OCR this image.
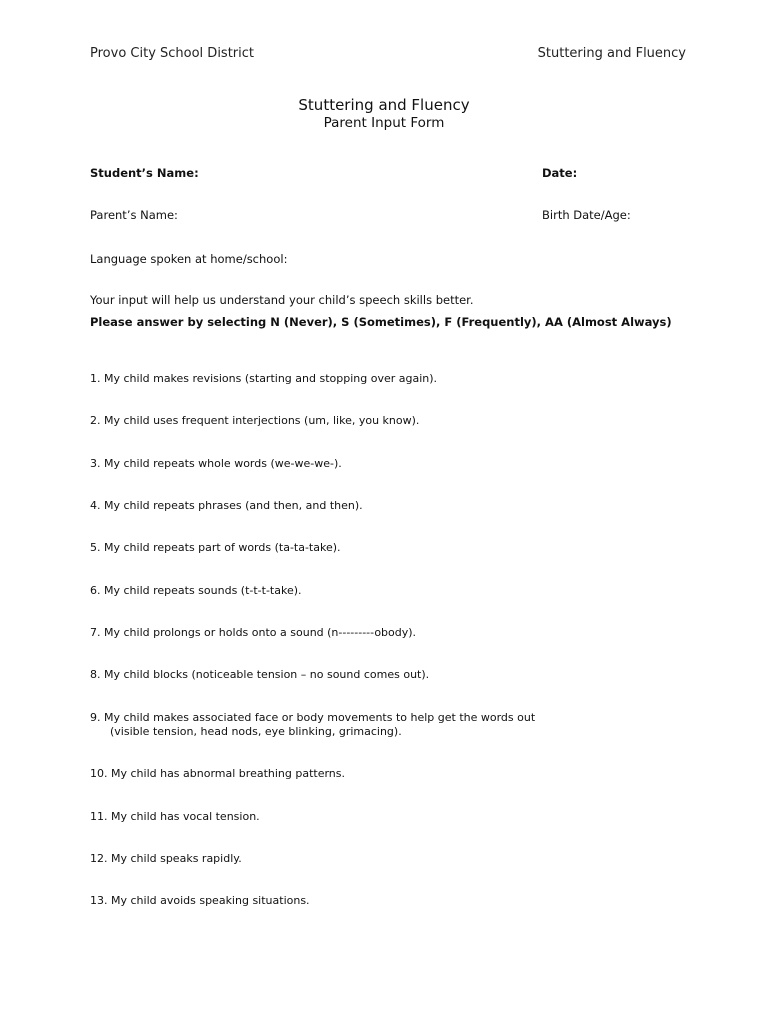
Provo City School District	Stuttering and Fluency
Stuttering and Fluency
Parent Input Form
Student’s Name:	Date:
Parent’s Name:	Birth Date/Age:
Language spoken at home/school:
Your input will help us understand your child’s speech skills better.
Please answer by selecting N (Never), S (Sometimes), F (Frequently), AA (Almost Always)
1. My child makes revisions (starting and stopping over again).
2. My child uses frequent interjections (um, like, you know).
3. My child repeats whole words (we-we-we-).
4. My child repeats phrases (and then, and then).
5. My child repeats part of words (ta-ta-take).
6. My child repeats sounds (t-t-t-take).
7. My child prolongs or holds onto a sound (n---------obody).
8. My child blocks (noticeable tension – no sound comes out).
9. My child makes associated face or body movements to help get the words out
(visible tension, head nods, eye blinking, grimacing).
10. My child has abnormal breathing patterns.
11. My child has vocal tension.
12. My child speaks rapidly.
13. My child avoids speaking situations.
